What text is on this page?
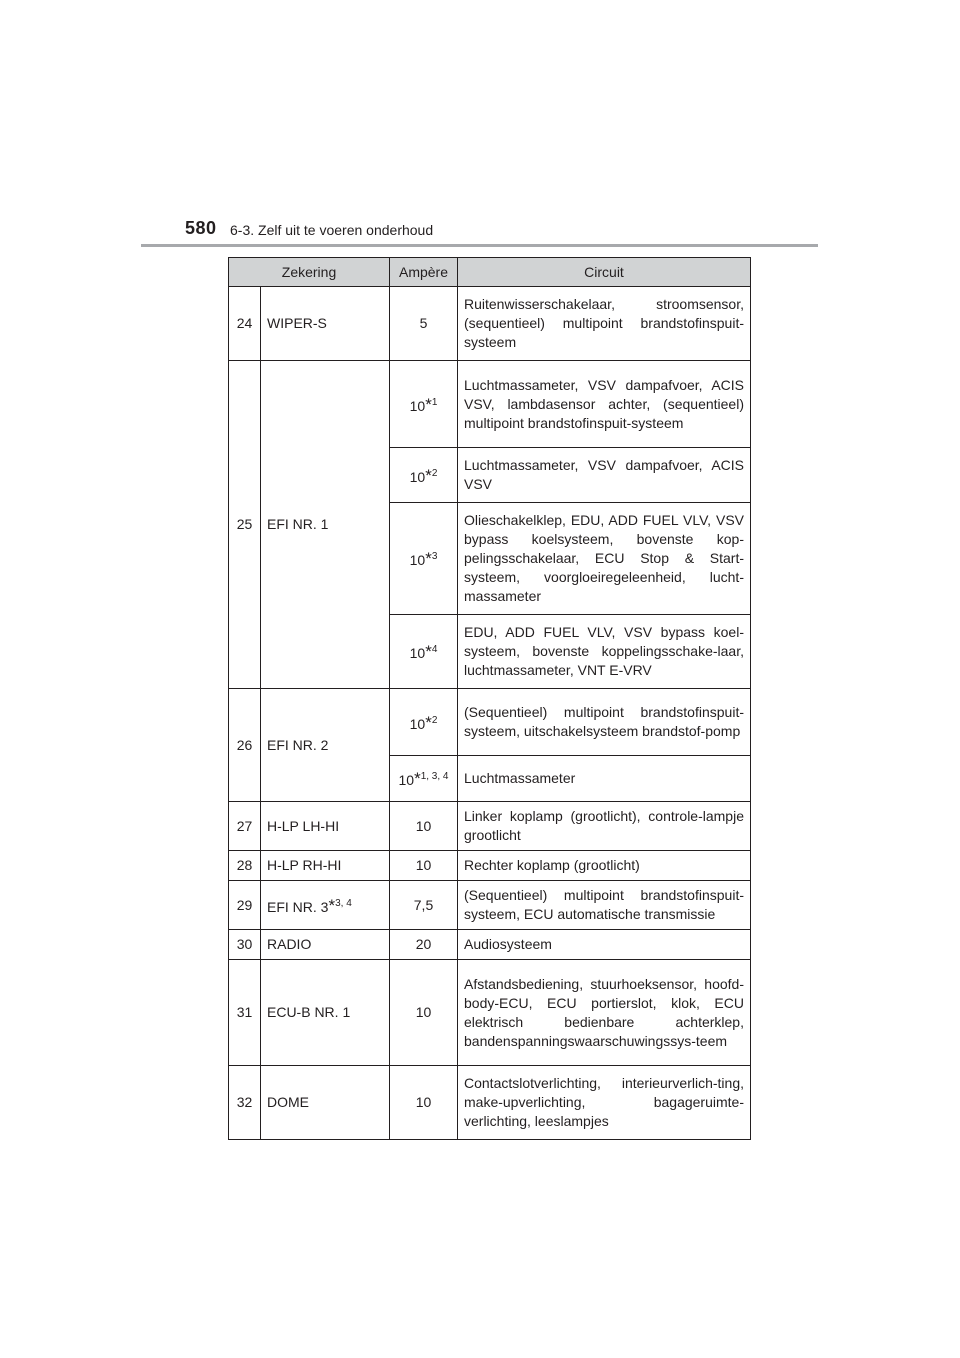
580 6-3. Zelf uit te voeren onderhoud
Zekering		Ampère	Circuit
24	WIPER-S	5	Ruitenwisserschakelaar, stroomsensor, (sequentieel) multipoint brandstofinspuit-systeem
25	EFI NR. 1	10*$^1$	Luchtmassameter, VSV dampafvoer, ACIS VSV, lambdasensor achter, (sequentieel) multipoint brandstofinspuit-systeem
		10*$^2$	Luchtmassameter, VSV dampafvoer, ACIS VSV
		10*$^3$	Olieschakelklep, EDU, ADD FUEL VLV, VSV bypass koelsysteem, bovenste kop-pelingsschakelaar, ECU Stop & Start-systeem, voorgloeiregeleenheid, lucht-massameter
		10*$^4$	EDU, ADD FUEL VLV, VSV bypass koel-systeem, bovenste koppelingsschake-laar, luchtmassameter, VNT E-VRV
26	EFI NR. 2	10*$^2$	(Sequentieel) multipoint brandstofinspuit-systeem, uitschakelsysteem brandstof-pomp
		10*$^{1, 3, 4}$	Luchtmassameter
27	H-LP LH-HI	10	Linker koplamp (grootlicht), controle-lampje grootlicht
28	H-LP RH-HI	10	Rechter koplamp (grootlicht)
29	EFI NR. 3*$^{3, 4}$	7,5	(Sequentieel) multipoint brandstofinspuit-systeem, ECU automatische transmissie
30	RADIO	20	Audiosysteem
31	ECU-B NR. 1	10	Afstandsbediening, stuurhoeksensor, hoofd-body-ECU, ECU portierslot, klok, ECU elektrisch bedienbare achterklep, bandenspanningswaarschuwingssys-teem
32	DOME	10	Contactslotverlichting, interieurverlich-ting, make-upverlichting, bagageruimte-verlichting, leeslampjes
